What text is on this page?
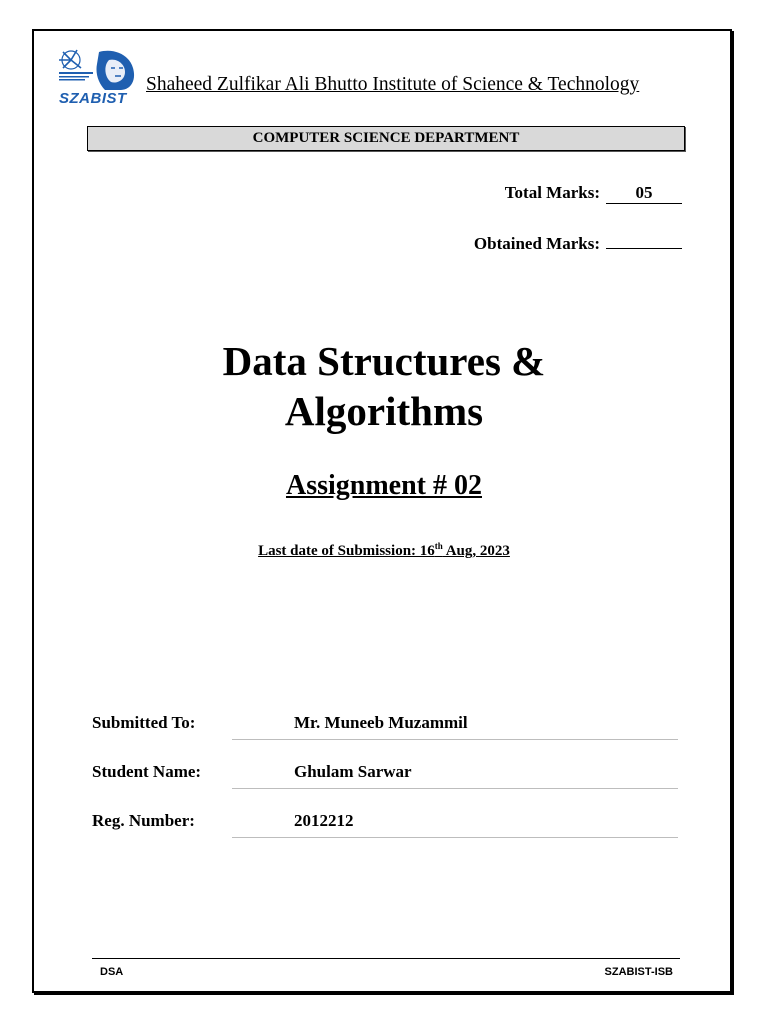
SZABIST
Shaheed Zulfikar Ali Bhutto Institute of Science & Technology
COMPUTER SCIENCE DEPARTMENT
Total Marks:	05
Obtained Marks:
Data Structures &
Algorithms
Assignment # 02
Last date of Submission: 16th Aug, 2023
Submitted To:	Mr. Muneeb Muzammil
Student Name:	Ghulam Sarwar
Reg. Number:	2012212
DSA	SZABIST-ISB
